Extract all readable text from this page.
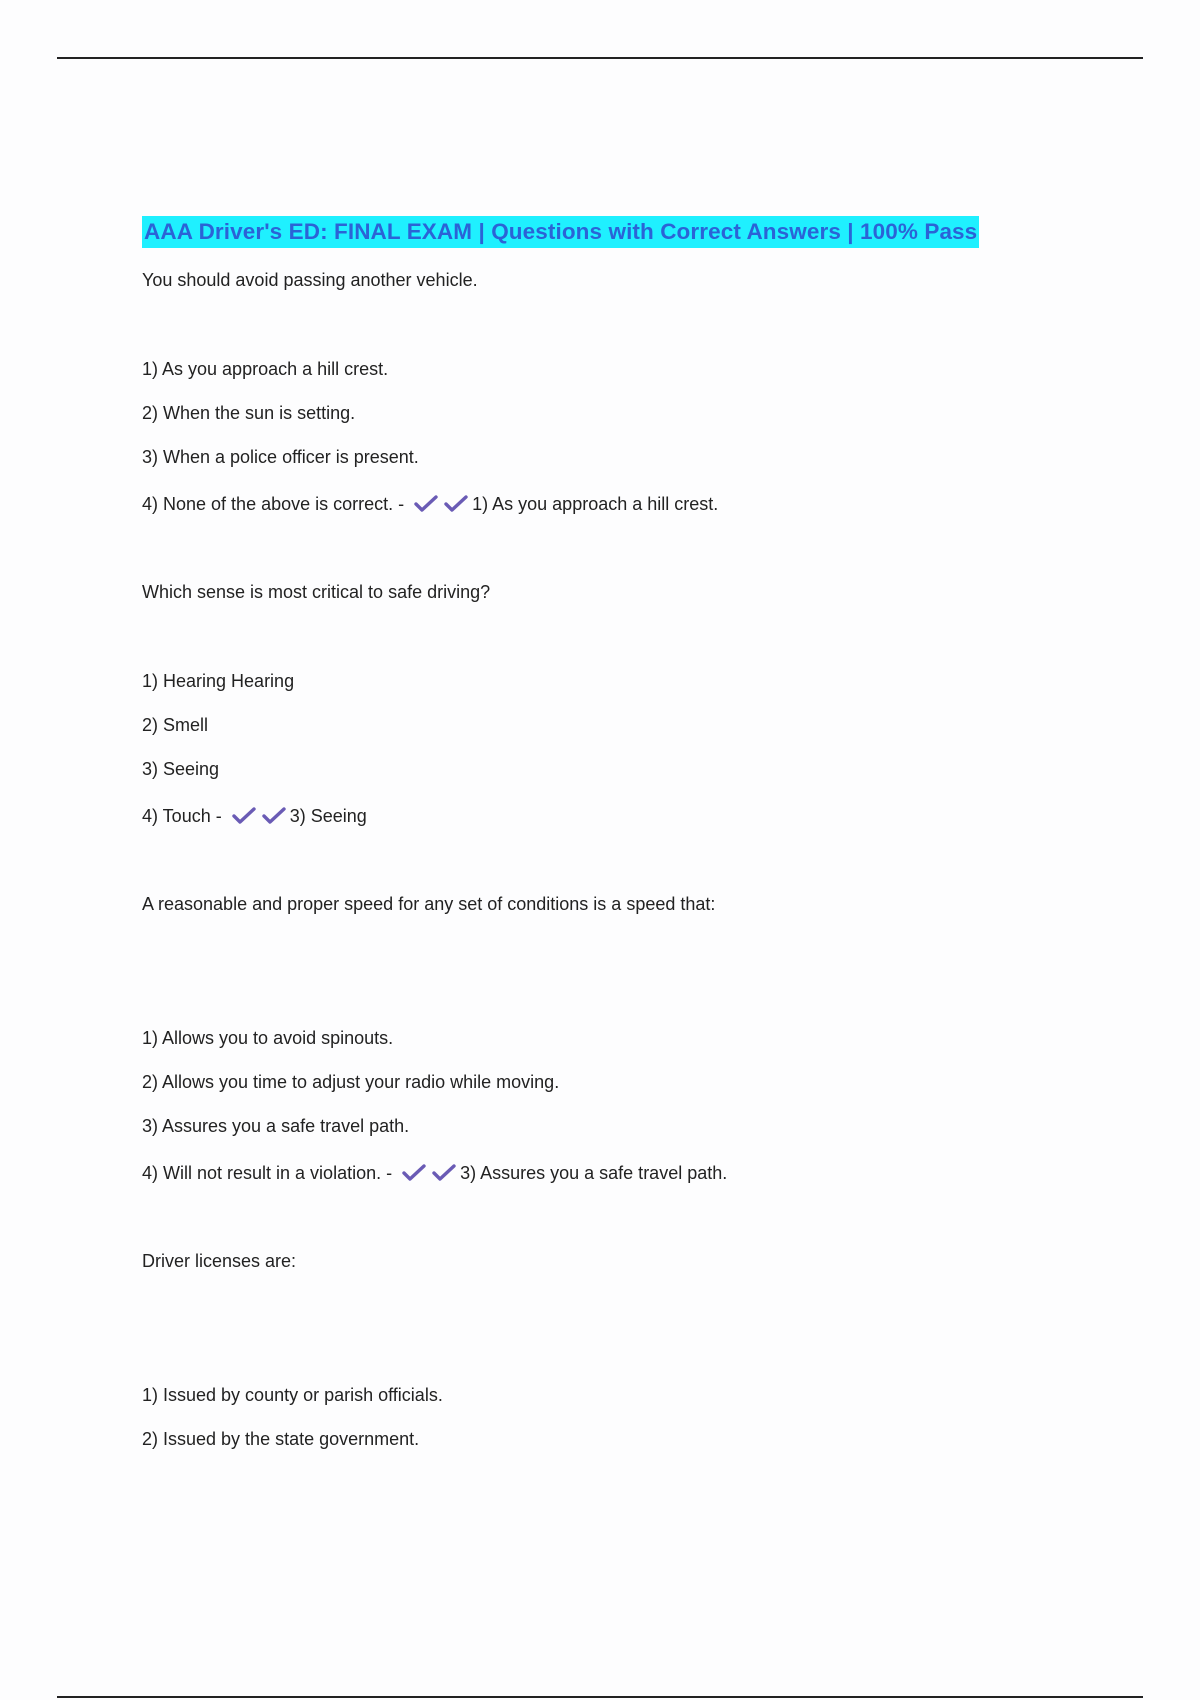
AAA Driver's ED: FINAL EXAM | Questions with Correct Answers | 100% Pass
You should avoid passing another vehicle.
1) As you approach a hill crest.
2) When the sun is setting.
3) When a police officer is present.
4) None of the above is correct. -	1) As you approach a hill crest.
Which sense is most critical to safe driving?
1) Hearing Hearing
2) Smell
3) Seeing
4) Touch -	3) Seeing
A reasonable and proper speed for any set of conditions is a speed that:
1) Allows you to avoid spinouts.
2) Allows you time to adjust your radio while moving.
3) Assures you a safe travel path.
4) Will not result in a violation. -	3) Assures you a safe travel path.
Driver licenses are:
1) Issued by county or parish officials.
2) Issued by the state government.
